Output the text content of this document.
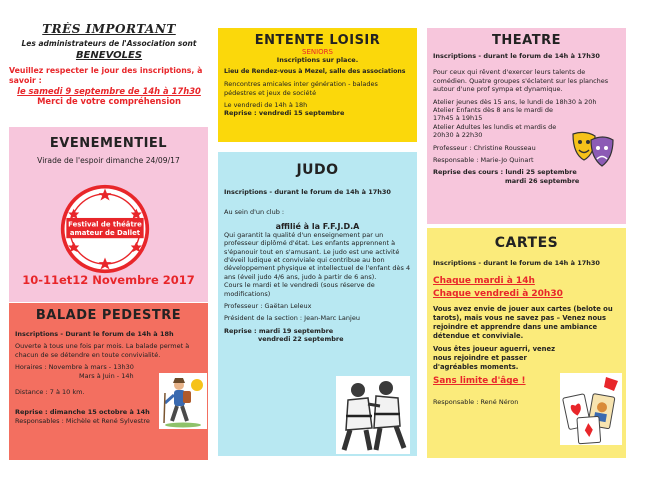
TRÈS IMPORTANT
Les administrateurs de l'Association sont
BENEVOLES
Veuillez respecter le jour des inscriptions, à savoir :
le samedi 9 septembre de 14h à 17h30
Merci de votre compréhension
EVENEMENTIEL
Virade de l'espoir dimanche 24/09/17
Festival de théâtre
amateur de Dallet
10-11et12 Novembre 2017
BALADE PEDESTRE
Inscriptions - Durant le forum de 14h à 18h

Ouverte à tous une fois par mois. La balade permet à chacun de se détendre en toute convivialité.

Horaires : Novembre à mars - 13h30
Mars à Juin - 14h
Distance : 7 à 10 km.
Reprise : dimanche 15 octobre à 14h
Responsables : Michèle et René Sylvestre
ENTENTE LOISIR
SENIORS
Inscriptions sur place.
Lieu de Rendez-vous à Mezel, salle des associations

Rencontres amicales inter génération - balades pédestres et jeux de société

Le vendredi de 14h à 18h
Reprise : vendredi 15 septembre
JUDO
Inscriptions - durant le forum de 14h à 17h30
Au sein d'un club :
affilié à la F.F.J.D.A

Qui garantit la qualité d'un enseignement par un professeur diplômé d'état. Les enfants apprennent à s'épanouir tout en s'amusant. Le judo est une activité d'éveil ludique et conviviale qui contribue au bon développement physique et intellectuel de l'enfant dès 4 ans (éveil judo 4/6 ans, judo à partir de 6 ans).

Cours le mardi et le vendredi (sous réserve de modifications)

Professeur : Gaëtan Leleux
Président de la section : Jean-Marc Lanjeu
Reprise : mardi 19 septembre
vendredi 22 septembre
THEATRE
Inscriptions - durant le forum de 14h à 17h30

Pour ceux qui rêvent d'exercer leurs talents de comédien. Quatre groupes s'éclatent sur les planches autour d'une prof sympa et dynamique.

Atelier jeunes dès 15 ans, le lundi de 18h30 à 20h

Atelier Enfants dès 8 ans le mardi de 17h45 à 19h15

Atelier Adultes les lundis et mardis de 20h30 à 22h30

Professeur : Christine Rousseau
Responsable : Marie-Jo Quinart
Reprise des cours : lundi 25 septembre
mardi 26 septembre
CARTES
Inscriptions - durant le forum de 14h à 17h30
Chaque mardi à 14h
Chaque vendredi à 20h30
Vous avez envie de jouer aux cartes (belote ou tarots), mais vous ne savez pas – Venez nous rejoindre et apprendre dans une ambiance détendue et conviviale.
Vous êtes joueur aguerri, venez nous rejoindre et passer d'agréables moments.
Sans limite d'âge !
Responsable : René Néron
